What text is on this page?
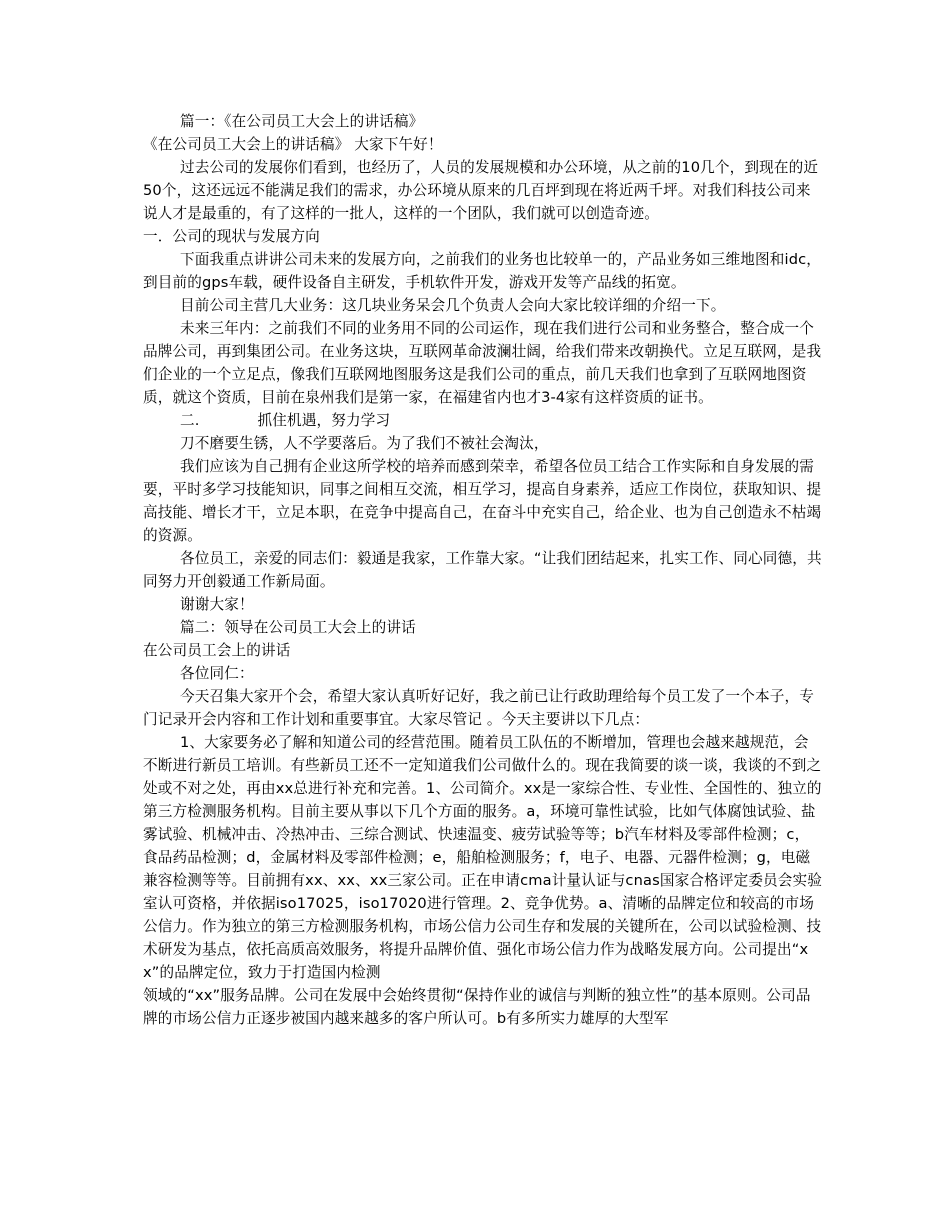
篇一：《在公司员工大会上的讲话稿》

《在公司员工大会上的讲话稿》 大家下午好！

过去公司的发展你们看到，也经历了，人员的发展规模和办公环境，从之前的10几个，到现在的近50个，这还远远不能满足我们的需求，办公环境从原来的几百坪到现在将近两千坪。对我们科技公司来说人才是最重的，有了这样的一批人，这样的一个团队，我们就可以创造奇迹。

一．公司的现状与发展方向

下面我重点讲讲公司未来的发展方向，之前我们的业务也比较单一的，产品业务如三维地图和idc，到目前的gps车载，硬件设备自主研发，手机软件开发，游戏开发等产品线的拓宽。

目前公司主营几大业务：这几块业务呆会几个负责人会向大家比较详细的介绍一下。

未来三年内：之前我们不同的业务用不同的公司运作，现在我们进行公司和业务整合，整合成一个品牌公司，再到集团公司。在业务这块，互联网革命波澜壮阔，给我们带来改朝换代。立足互联网，是我们企业的一个立足点，像我们互联网地图服务这是我们公司的重点，前几天我们也拿到了互联网地图资质，就这个资质，目前在泉州我们是第一家，在福建省内也才3-4家有这样资质的证书。

二.	抓住机遇，努力学习

刀不磨要生锈，人不学要落后。为了我们不被社会淘汰，

我们应该为自己拥有企业这所学校的培养而感到荣幸，希望各位员工结合工作实际和自身发展的需要，平时多学习技能知识，同事之间相互交流，相互学习，提高自身素养，适应工作岗位，获取知识、提高技能、增长才干，立足本职，在竞争中提高自己，在奋斗中充实自己，给企业、也为自己创造永不枯竭的资源。

各位员工，亲爱的同志们：毅通是我家，工作靠大家。“让我们团结起来，扎实工作、同心同德，共同努力开创毅通工作新局面。

谢谢大家！

篇二：领导在公司员工大会上的讲话

在公司员工会上的讲话

各位同仁：

今天召集大家开个会，希望大家认真听好记好，我之前已让行政助理给每个员工发了一个本子，专门记录开会内容和工作计划和重要事宜。大家尽管记 。今天主要讲以下几点：

1、大家要务必了解和知道公司的经营范围。随着员工队伍的不断增加，管理也会越来越规范，会不断进行新员工培训。有些新员工还不一定知道我们公司做什么的。现在我简要的谈一谈，我谈的不到之处或不对之处，再由xx总进行补充和完善。1、公司简介。xx是一家综合性、专业性、全国性的、独立的第三方检测服务机构。目前主要从事以下几个方面的服务。a，环境可靠性试验，比如气体腐蚀试验、盐雾试验、机械冲击、冷热冲击、三综合测试、快速温变、疲劳试验等等；b汽车材料及零部件检测；c，食品药品检测；d，金属材料及零部件检测；e，船舶检测服务；f，电子、电器、元器件检测；g，电磁兼容检测等等。目前拥有xx、xx、xx三家公司。正在申请cma计量认证与cnas国家合格评定委员会实验室认可资格，并依据iso17025，iso17020进行管理。2、竞争优势。a、清晰的品牌定位和较高的市场公信力。作为独立的第三方检测服务机构，市场公信力公司生存和发展的关键所在，公司以试验检测、技术研发为基点，依托高质高效服务，将提升品牌价值、强化市场公信力作为战略发展方向。公司提出“xx”的品牌定位，致力于打造国内检测

领域的“xx”服务品牌。公司在发展中会始终贯彻“保持作业的诚信与判断的独立性”的基本原则。公司品牌的市场公信力正逐步被国内越来越多的客户所认可。b有多所实力雄厚的大型军
